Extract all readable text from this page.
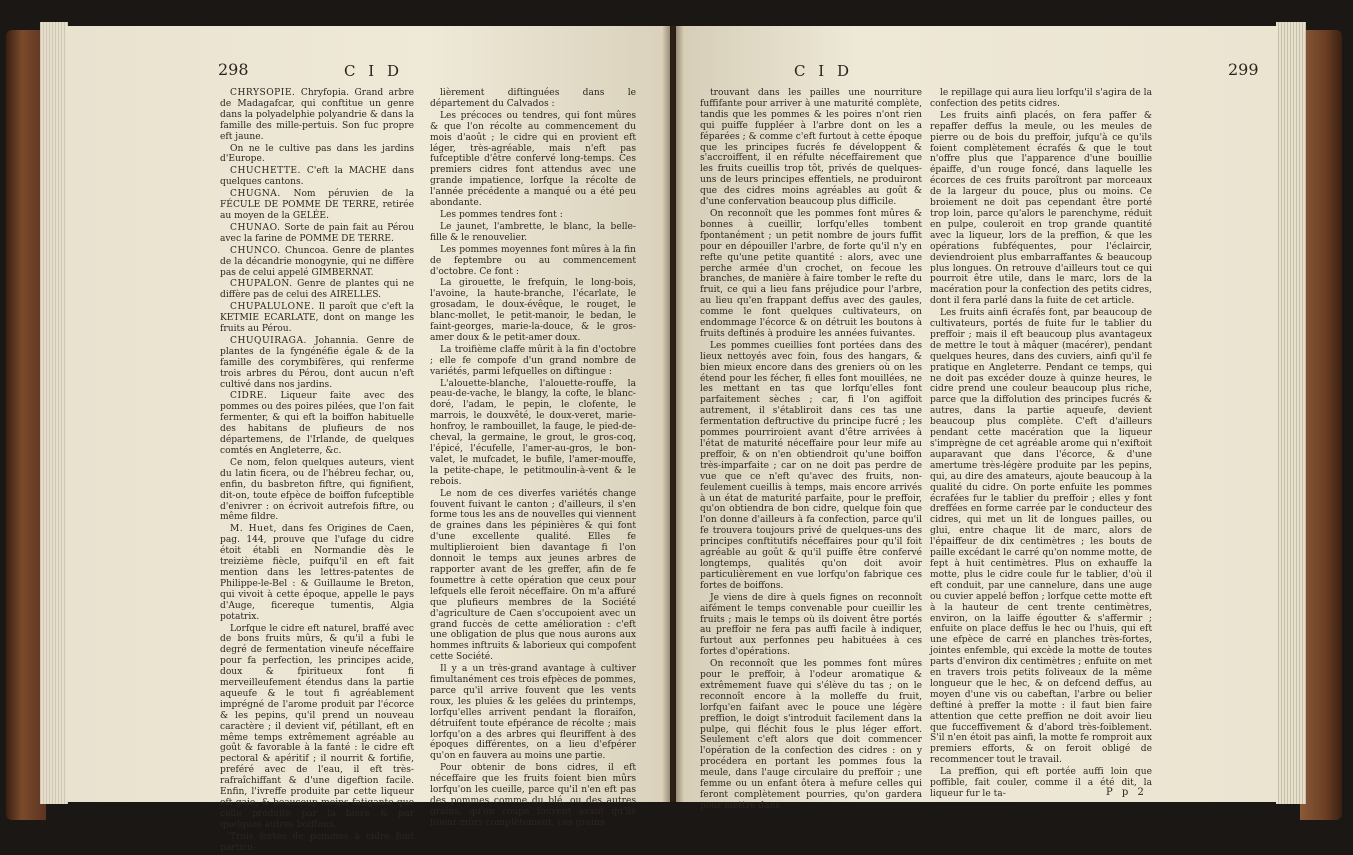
298	C I D

CHRYSOPIE. Chryfopia. Grand arbre de Madagafcar, qui conftitue un genre dans la polyadelphie polyandrie & dans la famille des mille-pertuis. Son fuc propre eft jaune.

On ne le cultive pas dans les jardins d'Europe.

CHUCHETTE. C'eft la MACHE dans quelques cantons.

CHUGNA. Nom péruvien de la FÉCULE DE POMME DE TERRE, retirée au moyen de la GELÉE.

CHUNAO. Sorte de pain fait au Pérou avec la farine de POMME DE TERRE.

CHUNCO. Chuncoa. Genre de plantes de la décandrie monogynie, qui ne diffère pas de celui appelé GIMBERNAT.

CHUPALON. Genre de plantes qui ne diffère pas de celui des AIRELLES.

CHUPALULONE. Il paroît que c'eft la KETMIE ECARLATE, dont on mange les fruits au Pérou.

CHUQUIRAGA. Johannia. Genre de plantes de la fyngénéfie égale & de la famille des corymbifères, qui renferme trois arbres du Pérou, dont aucun n'eft cultivé dans nos jardins.

CIDRE. Liqueur faite avec des pommes ou des poires pilées, que l'on fait fermenter, & qui eft la boiffon habituelle des habitans de plufieurs de nos départemens, de l'Irlande, de quelques comtés en Angleterre, &c.

Ce nom, felon quelques auteurs, vient du latin ficera, ou de l'hébreu fechar, ou, enfin, du basbreton fiftre, qui fignifient, dit-on, toute efpèce de boiffon fufceptible d'enivrer : on écrivoit autrefois fiftre, ou même fildre.

M. Huet, dans fes Origines de Caen, pag. 144, prouve que l'ufage du cidre étoit établi en Normandie dès le treizième fiècle, puifqu'il en eft fait mention dans les lettres-patentes de Philippe-le-Bel : & Guillaume le Breton, qui vivoit à cette époque, appelle le pays d'Auge, ficereque tumentis, Algia potatrix.

Lorfque le cidre eft naturel, braffé avec de bons fruits mûrs, & qu'il a fubi le degré de fermentation vineufe néceffaire pour fa perfection, les principes acide, doux & fpiritueux font fi merveilleufement étendus dans la partie aqueufe & le tout fi agréablement imprégné de l'arome produit par l'écorce & les pepins, qu'il prend un nouveau caractère ; il devient vif, pétillant, eft en même temps extrêmement agréable au goût & favorable à la fanté : le cidre eft pectoral & apéritif ; il nourrit & fortifie, preféré avec de l'eau, il eft très-rafraîchiffant & d'une digeftion facile. Enfin, l'ivreffe produite par cette liqueur eft gaie, & beaucoup moins fatigante que celle produite par la bière & par quelques autres boiffons.

Trois fortes de pommes à cidre font particu-

lièrement diftinguées dans le département du Calvados :

Les précoces ou tendres, qui font mûres & que l'on récolte au commencement du mois d'août ; le cidre qui en provient eft léger, très-agréable, mais n'eft pas fufceptible d'être confervé long-temps. Ces premiers cidres font attendus avec une grande impatience, lorfque la récolte de l'année précédente a manqué ou a été peu abondante.

Les pommes tendres font :

Le jaunet, l'ambrette, le blanc, la belle-fille & le renouvelier.

Les pommes moyennes font mûres à la fin de feptembre ou au commencement d'octobre. Ce font :

La girouette, le frefquin, le long-bois, l'avoine, la haute-branche, l'écarlate, le grosadam, le doux-évêque, le rouget, le blanc-mollet, le petit-manoir, le bedan, le faint-georges, marie-la-douce, & le gros-amer doux & le petit-amer doux.

La troifième claffe mûrit à la fin d'octobre ; elle fe compofe d'un grand nombre de variétés, parmi lefquelles on diftingue :

L'alouette-blanche, l'alouette-rouffe, la peau-de-vache, le blangy, la cofte, le blanc-doré, l'adam, le pepin, le clofente, le marrois, le douxvêté, le doux-veret, marie-honfroy, le rambouillet, la fauge, le pied-de-cheval, la germaine, le grout, le gros-coq, l'épicé, l'écufelle, l'amer-au-gros, le bon-valet, le mufcadet, le bufile, l'amer-mouffe, la petite-chape, le petitmoulin-à-vent & le rebois.

Le nom de ces diverfes variétés change fouvent fuivant le canton ; d'ailleurs, il s'en forme tous les ans de nouvelles qui viennent de graines dans les pépinières & qui font d'une excellente qualité. Elles fe multiplieroient bien davantage fi l'on donnoit le temps aux jeunes arbres de rapporter avant de les greffer, afin de fe foumettre à cette opération que ceux pour lefquels elle feroit néceffaire. On m'a affuré que plufieurs membres de la Société d'agriculture de Caen s'occupoient avec un grand fuccès de cette amélioration : c'eft une obligation de plus que nous aurons aux hommes inftruits & laborieux qui compofent cette Société.

Il y a un très-grand avantage à cultiver fimultanément ces trois efpèces de pommes, parce qu'il arrive fouvent que les vents roux, les pluies & les gelées du printemps, lorfqu'elles arrivent pendant la floraifon, détruifent toute efpérance de récolte ; mais lorfqu'on a des arbres qui fleuriffent à des époques différentes, on a lieu d'efpérer qu'on en fauvera au moins une partie.

Pour obtenir de bons cidres, il eft néceffaire que les fruits foient bien mûrs lorfqu'on les cueille, parce qu'il n'en eft pas des pommes comme du blé, ou des autres grains, qu'on coupe fouvent avant qu'ils foient mûrs complètement, ces grains

C I D	299

trouvant dans les pailles une nourriture fuffifante pour arriver à une maturité complète, tandis que les pommes & les poires n'ont rien qui puiffe fuppléer à l'arbre dont on les a féparées ; & comme c'eft furtout à cette époque que les principes fucrés fe développent & s'accroiffent, il en réfulte néceffairement que les fruits cueillis trop tôt, privés de quelques-uns de leurs principes effentiels, ne produiront que des cidres moins agréables au goût & d'une confervation beaucoup plus difficile.

On reconnoît que les pommes font mûres & bonnes à cueillir, lorfqu'elles tombent fpontanément ; un petit nombre de jours fuffit pour en dépouiller l'arbre, de forte qu'il n'y en refte qu'une petite quantité : alors, avec une perche armée d'un crochet, on fecoue les branches, de manière à faire tomber le refte du fruit, ce qui a lieu fans préjudice pour l'arbre, au lieu qu'en frappant deffus avec des gaules, comme le font quelques cultivateurs, on endommage l'écorce & on détruit les boutons à fruits deftinés à produire les années fuivantes.

Les pommes cueillies font portées dans des lieux nettoyés avec foin, fous des hangars, & bien mieux encore dans des greniers où on les étend pour les fécher, fi elles font mouillées, ne les mettant en tas que lorfqu'elles font parfaitement sèches ; car, fi l'on agiffoit autrement, il s'établiroit dans ces tas une fermentation deftructive du principe fucré ; les pommes pourriroient avant d'être arrivées à l'état de maturité néceffaire pour leur mife au preffoir, & on n'en obtiendroit qu'une boiffon très-imparfaite ; car on ne doit pas perdre de vue que ce n'eft qu'avec des fruits, non-feulement cueillis à temps, mais encore arrivés à un état de maturité parfaite, pour le preffoir, qu'on obtiendra de bon cidre, quelque foin que l'on donne d'ailleurs à fa confection, parce qu'il fe trouvera toujours privé de quelques-uns des principes conftitutifs néceffaires pour qu'il foit agréable au goût & qu'il puiffe être confervé longtemps, qualités qu'on doit avoir particulièrement en vue lorfqu'on fabrique ces fortes de boiffons.

Je viens de dire à quels fignes on reconnoît aifément le temps convenable pour cueillir les fruits ; mais le temps où ils doivent être portés au preffoir ne fera pas auffi facile à indiquer, furtout aux perfonnes peu habituées à ces fortes d'opérations.

On reconnoît que les pommes font mûres pour le preffoir, à l'odeur aromatique & extrêmement fuave qui s'élève du tas ; on le reconnoît encore à la molleffe du fruit, lorfqu'en faifant avec le pouce une légère preffion, le doigt s'introduit facilement dans la pulpe, qui fléchit fous le plus léger effort. Seulement c'eft alors que doit commencer l'opération de la confection des cidres : on y procédera en portant les pommes fous la meule, dans l'auge circulaire du preffoir ; une femme ou un enfant ôtera à mefure celles qui feront complètement pourries, qu'on gardera pour mettre dans

le repillage qui aura lieu lorfqu'il s'agira de la confection des petits cidres.

Les fruits ainfi placés, on fera paffer & repaffer deffus la meule, ou les meules de pierre ou de bois du preffoir, jufqu'à ce qu'ils foient complètement écrafés & que le tout n'offre plus que l'apparence d'une bouillie épaiffe, d'un rouge foncé, dans laquelle les écorces de ces fruits paroîtront par morceaux de la largeur du pouce, plus ou moins. Ce broiement ne doit pas cependant être porté trop loin, parce qu'alors le parenchyme, réduit en pulpe, couleroit en trop grande quantité avec la liqueur, lors de la preffion, & que les opérations fubféquentes, pour l'éclaircir, deviendroient plus embarraffantes & beaucoup plus longues. On retrouve d'ailleurs tout ce qui pourroit être utile, dans le marc, lors de la macération pour la confection des petits cidres, dont il fera parlé dans la fuite de cet article.

Les fruits ainfi écrafés font, par beaucoup de cultivateurs, portés de fuite fur le tablier du preffoir ; mais il eft beaucoup plus avantageux de mettre le tout à mâquer (macérer), pendant quelques heures, dans des cuviers, ainfi qu'il fe pratique en Angleterre. Pendant ce temps, qui ne doit pas excéder douze à quinze heures, le cidre prend une couleur beaucoup plus riche, parce que la diffolution des principes fucrés & autres, dans la partie aqueufe, devient beaucoup plus complète. C'eft d'ailleurs pendant cette macération que la liqueur s'imprègne de cet agréable arome qui n'exiftoit auparavant que dans l'écorce, & d'une amertume très-légère produite par les pepins, qui, au dire des amateurs, ajoute beaucoup à la qualité du cidre. On porte enfuite les pommes écrafées fur le tablier du preffoir ; elles y font dreffées en forme carrée par le conducteur des cidres, qui met un lit de longues pailles, ou glui, entre chaque lit de marc, alors de l'épaiffeur de dix centimètres ; les bouts de paille excédant le carré qu'on nomme motte, de fept à huit centimètres. Plus on exhauffe la motte, plus le cidre coule fur le tablier, d'où il eft conduit, par une cannelure, dans une auge ou cuvier appelé beffon ; lorfque cette motte eft à la hauteur de cent trente centimètres, environ, on la laiffe égoutter & s'affermir ; enfuite on place deffus le hec ou l'huis, qui eft une efpèce de carré en planches très-fortes, jointes enfemble, qui excède la motte de toutes parts d'environ dix centimètres ; enfuite on met en travers trois petits foliveaux de la même longueur que le hec, & on defcend deffus, au moyen d'une vis ou cabeftan, l'arbre ou belier deftiné à preffer la motte : il faut bien faire attention que cette preffion ne doit avoir lieu que fucceffivement & d'abord très-foiblement. S'il n'en étoit pas ainfi, la motte fe romproit aux premiers efforts, & on feroit obligé de recommencer tout le travail.

La preffion, qui eft portée auffi loin que poffible, fait couler, comme il a été dit, la liqueur fur le ta-	P p 2
